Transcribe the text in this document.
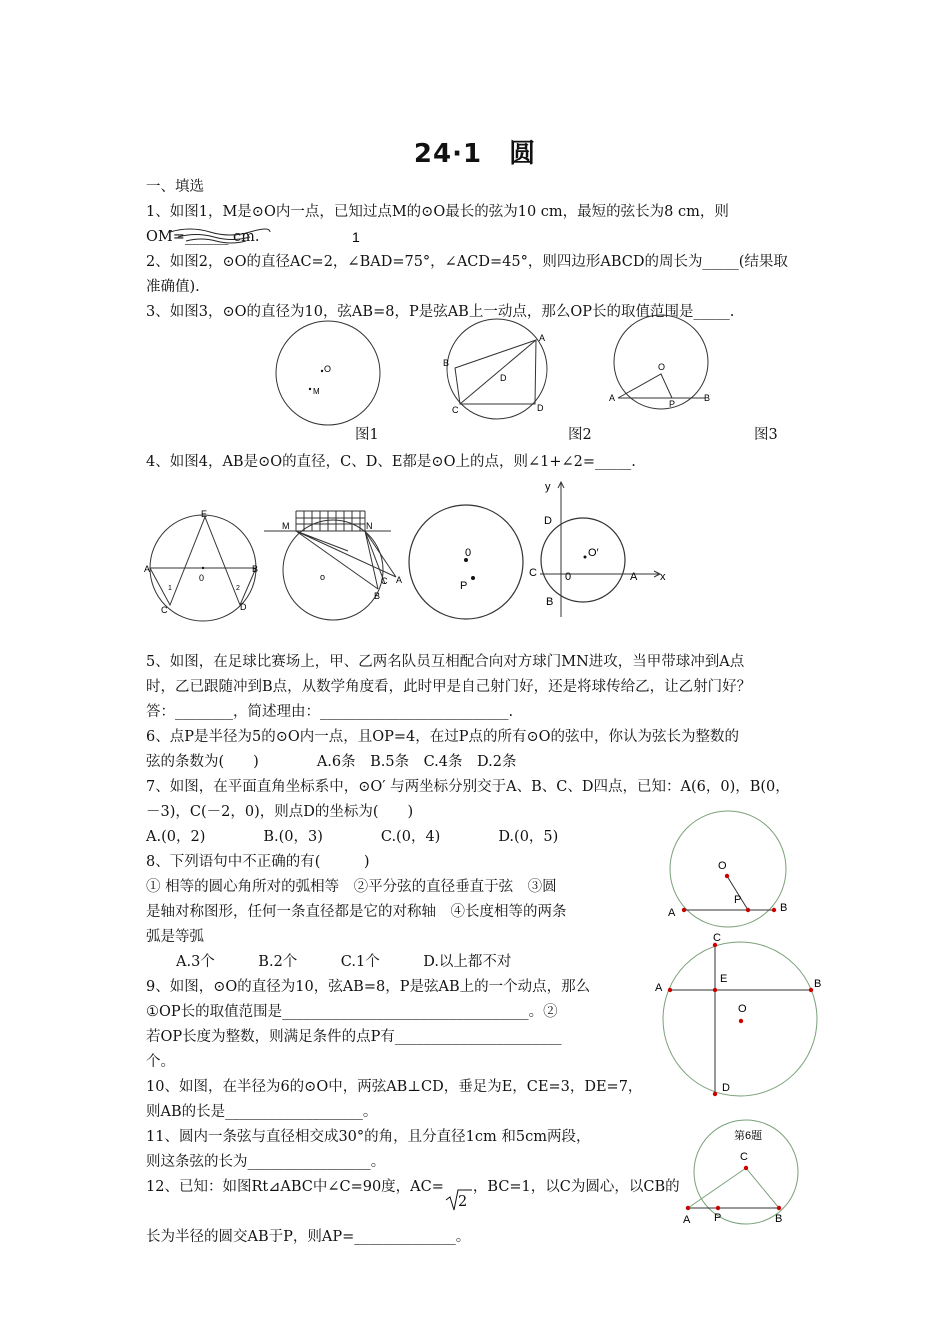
24·1　圆
一、填选
1、如图1，M是⊙O内一点，已知过点M的⊙O最长的弦为10 cm，最短的弦长为8 cm，则
OM=______ cm.
2、如图2，⊙O的直径AC=2，∠BAD=75°，∠ACD=45°，则四边形ABCD的周长为_____(结果取
准确值).
3、如图3，⊙O的直径为10，弦AB=8，P是弦AB上一动点，那么OP长的取值范围是_____.
图1	图2	图3
4、如图4，AB是⊙O的直径，C、D、E都是⊙O上的点，则∠1+∠2=_____.
5、如图，在足球比赛场上，甲、乙两名队员互相配合向对方球门MN进攻，当甲带球冲到A点
时，乙已跟随冲到B点，从数学角度看，此时甲是自己射门好，还是将球传给乙，让乙射门好？
答：________，简述理由：__________________________.
6、点P是半径为5的⊙O内一点，且OP=4，在过P点的所有⊙O的弦中，你认为弦长为整数的
弦的条数为(　　)　　　　A.6条　B.5条　C.4条　D.2条
7、如图，在平面直角坐标系中，⊙O′ 与两坐标分别交于A、B、C、D四点，已知：A(6，0)，B(0，
－3)，C(－2，0)，则点D的坐标为(　　)
A.(0，2)　　　　B.(0，3)　　　　C.(0，4)　　　　D.(0，5)
8、下列语句中不正确的有(　　　)
① 相等的圆心角所对的弧相等　②平分弦的直径垂直于弦　③圆
是轴对称图形，任何一条直径都是它的对称轴　④长度相等的两条
弧是等弧
A.3个　　　B.2个　　　C.1个　　　D.以上都不对
9、如图，⊙O的直径为10，弦AB=8，P是弦AB上的一个动点，那么
①OP长的取值范围是__________________________________。②
若OP长度为整数，则满足条件的点P有_______________________
个。
10、如图，在半径为6的⊙O中，两弦AB⊥CD，垂足为E，CE=3，DE=7，
则AB的长是___________________。
11、圆内一条弦与直径相交成30°的角，且分直径1cm 和5cm两段，
则这条弦的长为_________________。
12、已知：如图Rt⊿ABC中∠C=90度，AC=　　，BC=1，以C为圆心，以CB的
长为半径的圆交AB于P，则AP=______________。
2
1
O
M
A
B
C	D
D
O
A
P
B
E
A	B
0
C	D
1	2
M	N
o	C A
B
0
P
O′
y
x
D
C	0	A
B
O
A
P
B
C
E
A	B
O
D
第6题
C
A P	B
